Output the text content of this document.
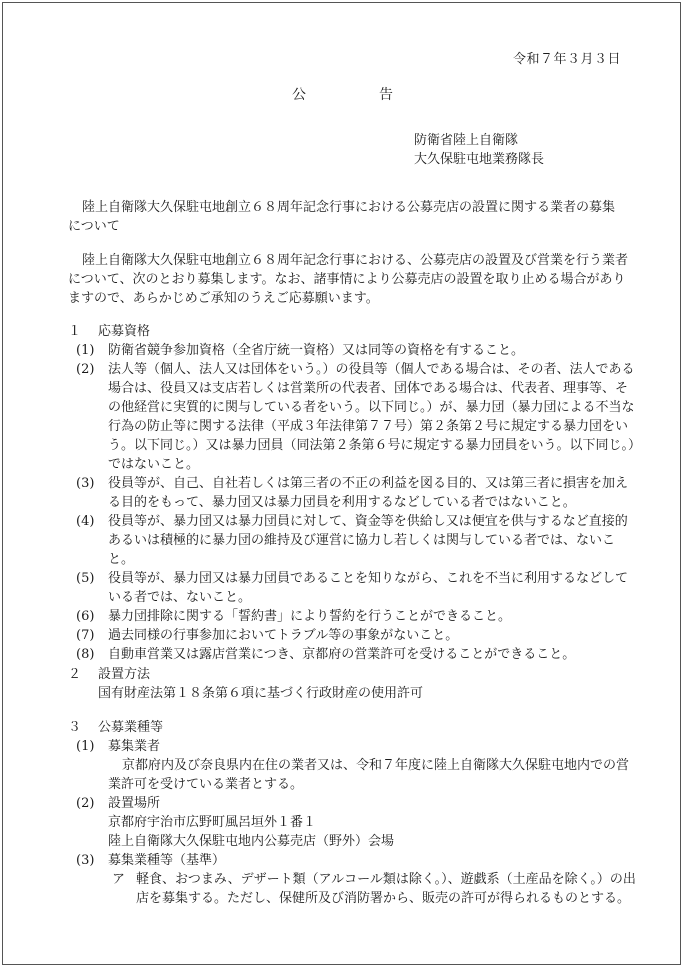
令和７年３月３日
公	告
防衛省陸上自衛隊
大久保駐屯地業務隊長
陸上自衛隊大久保駐屯地創立６８周年記念行事における公募売店の設置に関する業者の募集について
陸上自衛隊大久保駐屯地創立６８周年記念行事における、公募売店の設置及び営業を行う業者について、次のとおり募集します。なお、諸事情により公募売店の設置を取り止める場合がありますので、あらかじめご承知のうえご応募願います。
１ 応募資格
(1) 防衛省競争参加資格（全省庁統一資格）又は同等の資格を有すること。
(2) 法人等（個人、法人又は団体をいう。）の役員等（個人である場合は、その者、法人である場合は、役員又は支店若しくは営業所の代表者、団体である場合は、代表者、理事等、その他経営に実質的に関与している者をいう。以下同じ。）が、暴力団（暴力団による不当な行為の防止等に関する法律（平成３年法律第７７号）第２条第２号に規定する暴力団をいう。以下同じ。）又は暴力団員（同法第２条第６号に規定する暴力団員をいう。以下同じ。）ではないこと。
(3) 役員等が、自己、自社若しくは第三者の不正の利益を図る目的、又は第三者に損害を加える目的をもって、暴力団又は暴力団員を利用するなどしている者ではないこと。
(4) 役員等が、暴力団又は暴力団員に対して、資金等を供給し又は便宜を供与するなど直接的あるいは積極的に暴力団の維持及び運営に協力し若しくは関与している者では、ないこと。
(5) 役員等が、暴力団又は暴力団員であることを知りながら、これを不当に利用するなどしている者では、ないこと。
(6) 暴力団排除に関する「誓約書」により誓約を行うことができること。
(7) 過去同様の行事参加においてトラブル等の事象がないこと。
(8) 自動車営業又は露店営業につき、京都府の営業許可を受けることができること。
２ 設置方法
国有財産法第１８条第６項に基づく行政財産の使用許可
３ 公募業種等
(1) 募集業者
京都府内及び奈良県内在住の業者又は、令和７年度に陸上自衛隊大久保駐屯地内での営業許可を受けている業者とする。
(2) 設置場所
京都府宇治市広野町風呂垣外１番１
陸上自衛隊大久保駐屯地内公募売店（野外）会場
(3) 募集業種等（基準）
ア 軽食、おつまみ、デザート類（アルコール類は除く。）、遊戯系（土産品を除く。）の出店を募集する。ただし、保健所及び消防署から、販売の許可が得られるものとする。
